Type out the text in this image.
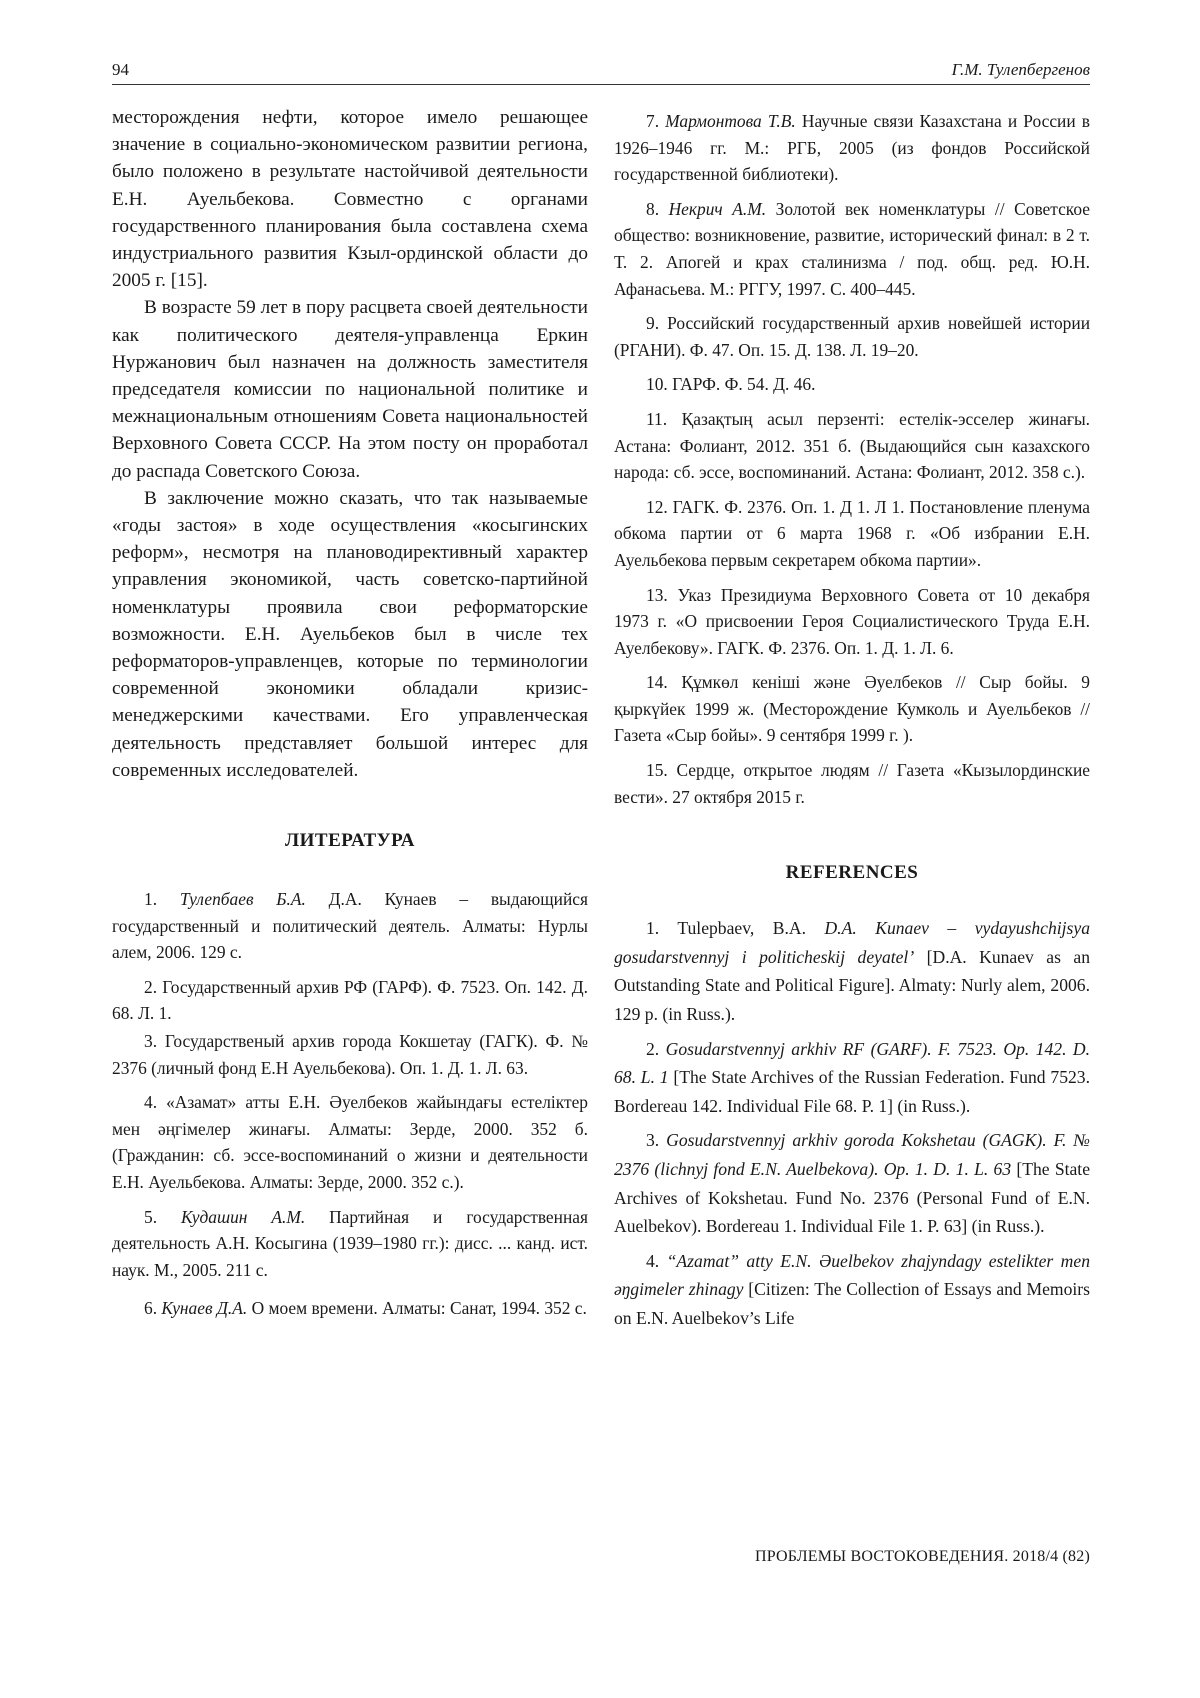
94	Г.М. Тулепбергенов

месторождения нефти, которое имело решающее значение в социально-экономическом развитии региона, было положено в результате настойчивой деятельности Е.Н. Ауельбекова. Совместно с органами государственного планирования была составлена схема индустриального развития Кзыл-ординской области до 2005 г. [15].

В возрасте 59 лет в пору расцвета своей деятельности как политического деятеля-управленца Еркин Нуржанович был назначен на должность заместителя председателя комиссии по национальной политике и межнациональным отношениям Совета национальностей Верховного Совета СССР. На этом посту он проработал до распада Советского Союза.

В заключение можно сказать, что так называемые «годы застоя» в ходе осуществления «косыгинских реформ», несмотря на плановодирективный характер управления экономикой, часть советско-партийной номенклатуры проявила свои реформаторские возможности. Е.Н. Ауельбеков был в числе тех реформаторов-управленцев, которые по терминологии современной экономики обладали кризис-менеджерскими качествами. Его управленческая деятельность представляет большой интерес для современных исследователей.

ЛИТЕРАТУРА

1. Тулепбаев Б.А. Д.А. Кунаев – выдающийся государственный и политический деятель. Алматы: Нурлы алем, 2006. 129 с.

2. Государственный архив РФ (ГАРФ). Ф. 7523. Оп. 142. Д. 68. Л. 1.

3. Государственый архив города Кокшетау (ГАГК). Ф. № 2376 (личный фонд Е.Н Ауельбекова). Оп. 1. Д. 1. Л. 63.

4. «Азамат» атты Е.Н. Әуелбеков жайындағы естеліктер мен әңгімелер жинағы. Алматы: Зерде, 2000. 352 б. (Гражданин: сб. эссе-воспоминаний о жизни и деятельности Е.Н. Ауельбекова. Алматы: Зерде, 2000. 352 с.).

5. Кудашин А.М. Партийная и государственная деятельность А.Н. Косыгина (1939–1980 гг.): дисс. ... канд. ист. наук. М., 2005. 211 с.

6. Кунаев Д.А. О моем времени. Алматы: Санат, 1994. 352 с.

7. Мармонтова Т.В. Научные связи Казахстана и России в 1926–1946 гг. М.: РГБ, 2005 (из фондов Российской государственной библиотеки).

8. Некрич А.М. Золотой век номенклатуры // Советское общество: возникновение, развитие, исторический финал: в 2 т. Т. 2. Апогей и крах сталинизма / под. общ. ред. Ю.Н. Афанасьева. М.: РГГУ, 1997. С. 400–445.

9. Российский государственный архив новейшей истории (РГАНИ). Ф. 47. Оп. 15. Д. 138. Л. 19–20.

10. ГАРФ. Ф. 54. Д. 46.

11. Қазақтың асыл перзенті: естелік-эсселер жинағы. Астана: Фолиант, 2012. 351 б. (Выдающийся сын казахского народа: сб. эссе, воспоминаний. Астана: Фолиант, 2012. 358 с.).

12. ГАГК. Ф. 2376. Оп. 1. Д 1. Л 1. Постановление пленума обкома партии от 6 марта 1968 г. «Об избрании Е.Н. Ауельбекова первым секретарем обкома партии».

13. Указ Президиума Верховного Совета от 10 декабря 1973 г. «О присвоении Героя Социалистического Труда Е.Н. Ауелбекову». ГАГК. Ф. 2376. Оп. 1. Д. 1. Л. 6.

14. Құмкөл кеніші және Әуелбеков // Сыр бойы. 9 қыркүйек 1999 ж. (Месторождение Кумколь и Ауельбеков // Газета «Сыр бойы». 9 сентября 1999 г. ).

15. Сердце, открытое людям // Газета «Кызылординские вести». 27 октября 2015 г.

REFERENCES

1. Tulepbaev, B.A. D.A. Kunaev – vydayushchijsya gosudarstvennyj i politicheskij deyatel’ [D.A. Kunaev as an Outstanding State and Political Figure]. Almaty: Nurly alem, 2006. 129 p. (in Russ.).

2. Gosudarstvennyj arkhiv RF (GARF). F. 7523. Op. 142. D. 68. L. 1 [The State Archives of the Russian Federation. Fund 7523. Bordereau 142. Individual File 68. P. 1] (in Russ.).

3. Gosudarstvennyj arkhiv goroda Kokshetau (GAGK). F. № 2376 (lichnyj fond E.N. Auelbekova). Op. 1. D. 1. L. 63 [The State Archives of Kokshetau. Fund No. 2376 (Personal Fund of E.N. Auelbekov). Bordereau 1. Individual File 1. P. 63] (in Russ.).

4. “Azamat” atty E.N. Əuelbekov zhajyndagy estelikter men əŋgimeler zhinagy [Citizen: The Collection of Essays and Memoirs on E.N. Auelbekov’s Life

ПРОБЛЕМЫ ВОСТОКОВЕДЕНИЯ. 2018/4 (82)
